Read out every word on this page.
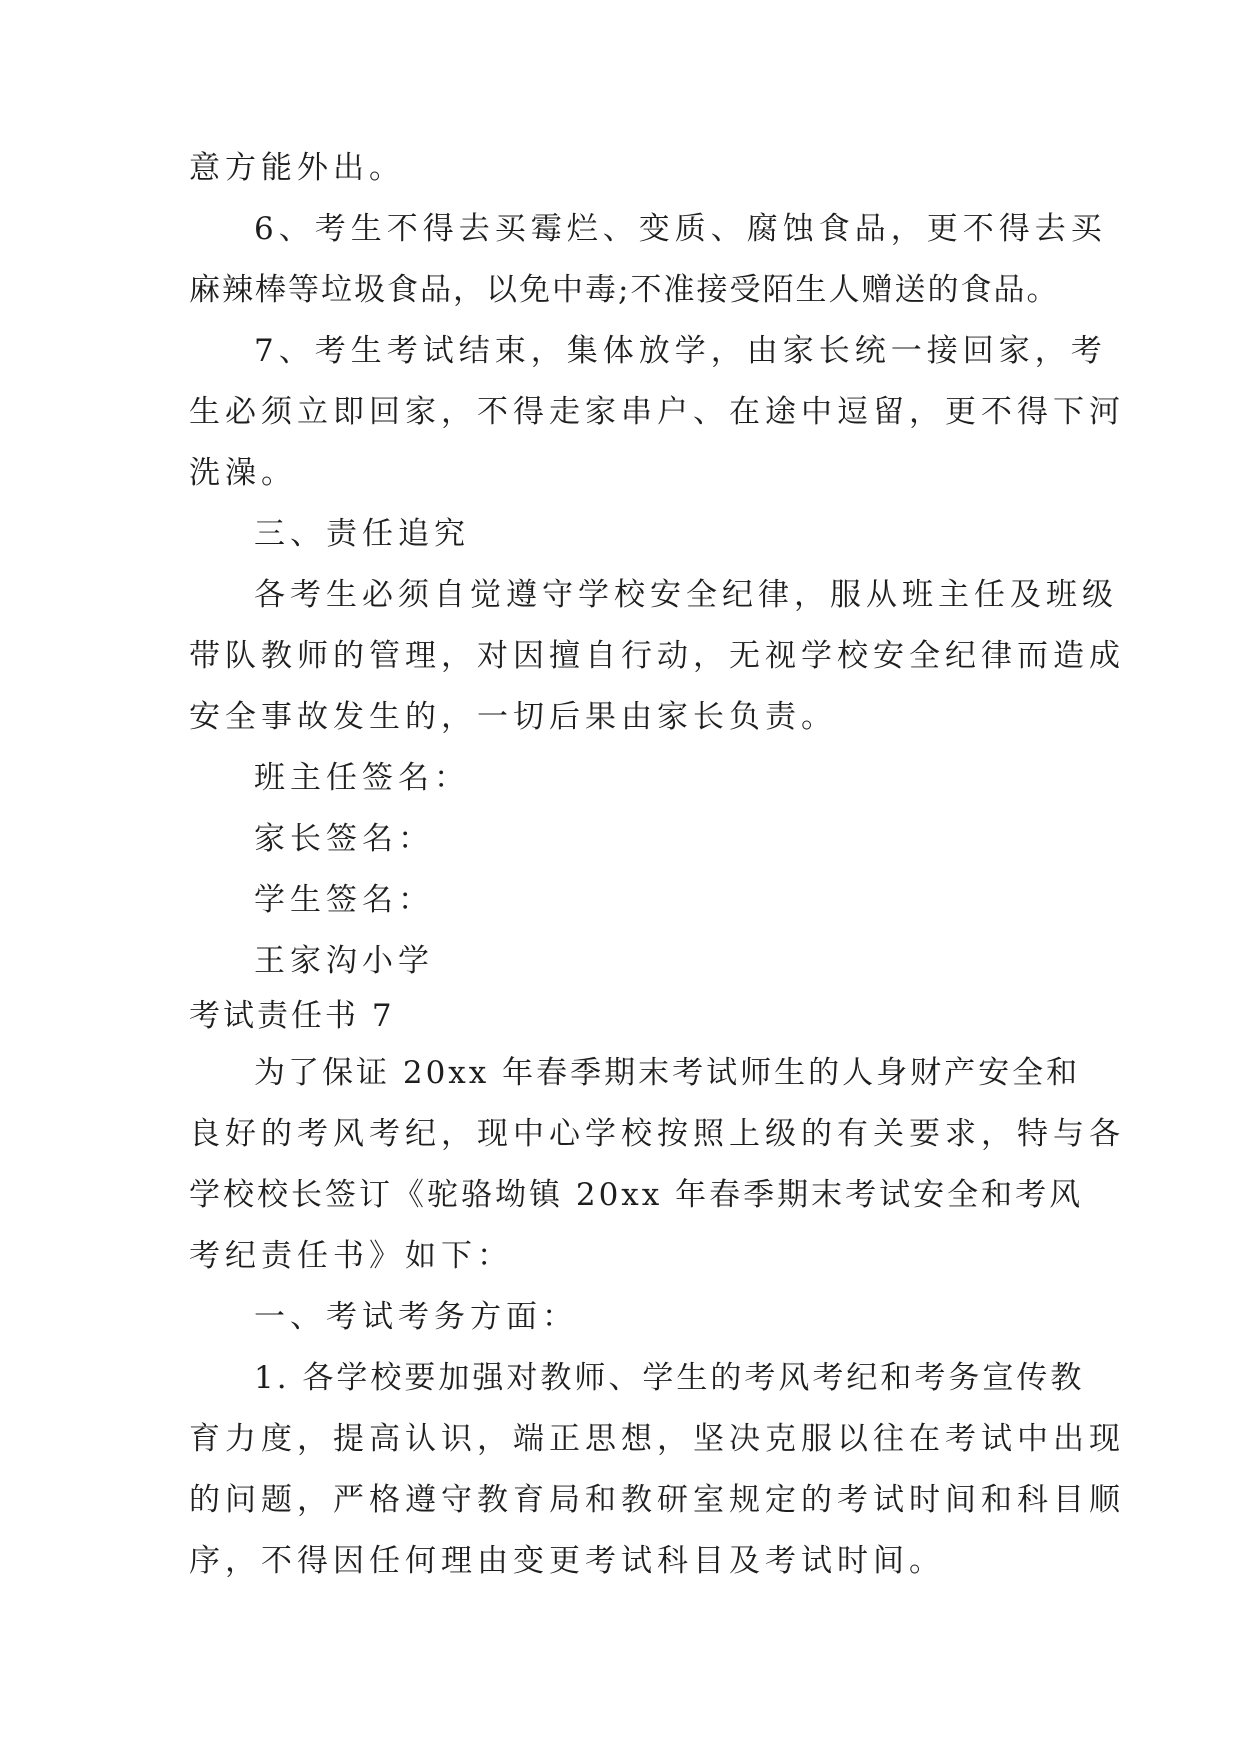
意方能外出。
6、考生不得去买霉烂、变质、腐蚀食品，更不得去买
麻辣棒等垃圾食品，以免中毒;不准接受陌生人赠送的食品。
7、考生考试结束，集体放学，由家长统一接回家，考
生必须立即回家，不得走家串户、在途中逗留，更不得下河
洗澡。
三、责任追究
各考生必须自觉遵守学校安全纪律，服从班主任及班级
带队教师的管理，对因擅自行动，无视学校安全纪律而造成
安全事故发生的，一切后果由家长负责。
班主任签名：
家长签名：
学生签名：
王家沟小学
考试责任书 7
为了保证 20xx 年春季期末考试师生的人身财产安全和
良好的考风考纪，现中心学校按照上级的有关要求，特与各
学校校长签订《驼骆坳镇 20xx 年春季期末考试安全和考风
考纪责任书》如下：
一、考试考务方面：
1. 各学校要加强对教师、学生的考风考纪和考务宣传教
育力度，提高认识，端正思想，坚决克服以往在考试中出现
的问题，严格遵守教育局和教研室规定的考试时间和科目顺
序，不得因任何理由变更考试科目及考试时间。
